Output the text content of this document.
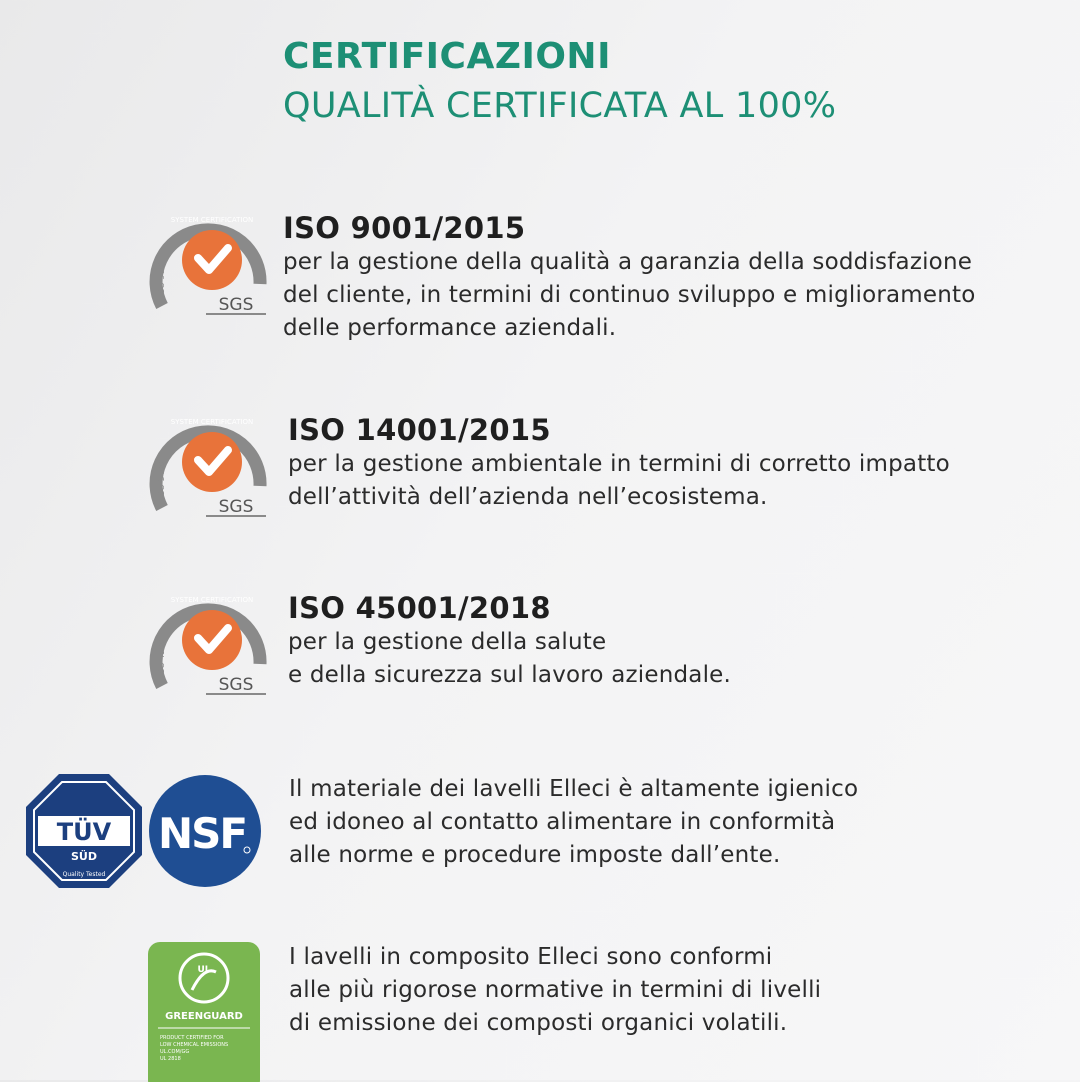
CERTIFICAZIONI
QUALITÀ CERTIFICATA AL 100%
SYSTEM CERTIFICATION
ISO 9001
SGS
ISO 9001/2015
per la gestione della qualità a garanzia della soddisfazione
del cliente, in termini di continuo sviluppo e miglioramento
delle performance aziendali.
SYSTEM CERTIFICATION
ISO 14001
SGS
ISO 14001/2015
per la gestione ambientale in termini di corretto impatto
dell’attività dell’azienda nell’ecosistema.
SYSTEM CERTIFICATION
ISO 45001
SGS
ISO 45001/2018
per la gestione della salute
e della sicurezza sul lavoro aziendale.
TÜV
SÜD
Quality Tested
NSF
Il materiale dei lavelli Elleci è altamente igienico
ed idoneo al contatto alimentare in conformità
alle norme e procedure imposte dall’ente.
UL
GREENGUARD
PRODUCT CERTIFIED FOR
LOW CHEMICAL EMISSIONS
UL.COM/GG
UL 2818
I lavelli in composito Elleci sono conformi
alle più rigorose normative in termini di livelli
di emissione dei composti organici volatili.
